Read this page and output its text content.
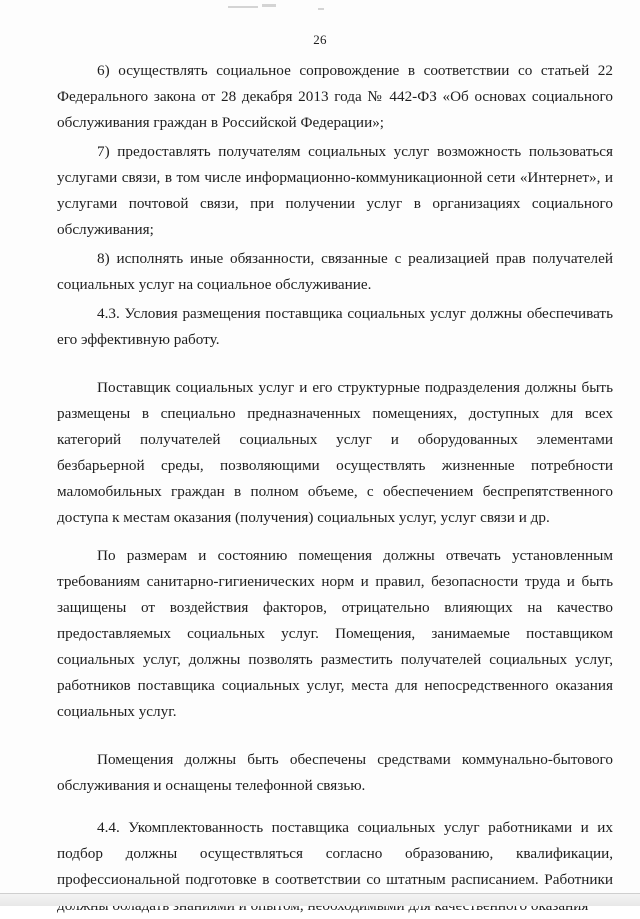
26

6) осуществлять социальное сопровождение в соответствии со статьей 22 Федерального закона от 28 декабря 2013 года № 442-ФЗ «Об основах социального обслуживания граждан в Российской Федерации»;

7) предоставлять получателям социальных услуг возможность пользоваться услугами связи, в том числе информационно-коммуникационной сети «Интернет», и услугами почтовой связи, при получении услуг в организациях социального обслуживания;

8) исполнять иные обязанности, связанные с реализацией прав получателей социальных услуг на социальное обслуживание.

4.3. Условия размещения поставщика социальных услуг должны обеспечивать его эффективную работу.

Поставщик социальных услуг и его структурные подразделения должны быть размещены в специально предназначенных помещениях, доступных для всех категорий получателей социальных услуг и оборудованных элементами безбарьерной среды, позволяющими осуществлять жизненные потребности маломобильных граждан в полном объеме, с обеспечением беспрепятственного доступа к местам оказания (получения) социальных услуг, услуг связи и др.

По размерам и состоянию помещения должны отвечать установленным требованиям санитарно-гигиенических норм и правил, безопасности труда и быть защищены от воздействия факторов, отрицательно влияющих на качество предоставляемых социальных услуг. Помещения, занимаемые поставщиком социальных услуг, должны позволять разместить получателей социальных услуг, работников поставщика социальных услуг, места для непосредственного оказания социальных услуг.

Помещения должны быть обеспечены средствами коммунально-бытового обслуживания и оснащены телефонной связью.

4.4. Укомплектованность поставщика социальных услуг работниками и их подбор должны осуществляться согласно образованию, квалификации, профессиональной подготовке в соответствии со штатным расписанием. Работники
